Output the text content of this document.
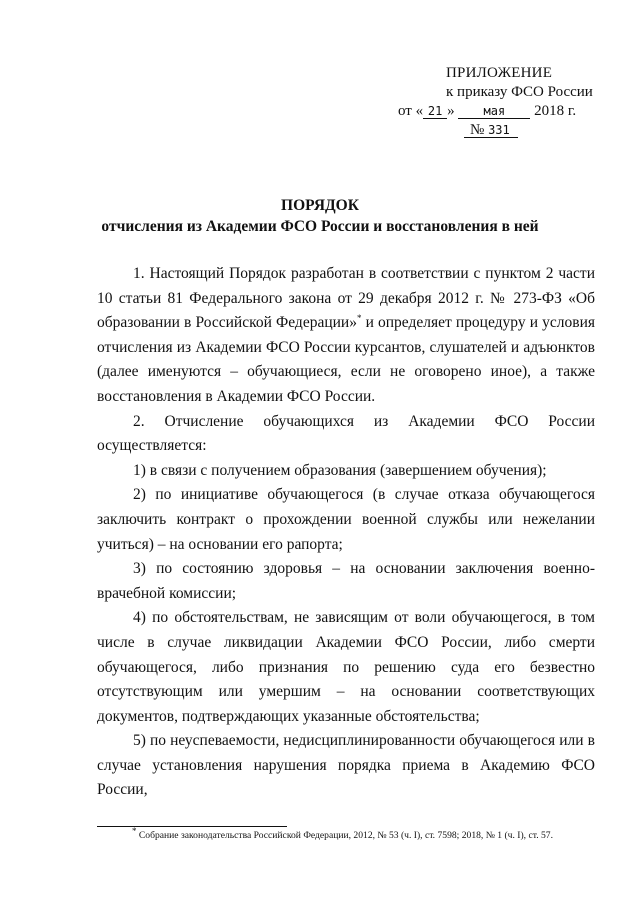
ПРИЛОЖЕНИЕ
к приказу ФСО России
от « 21 » мая 2018 г.
№ 331
ПОРЯДОК
отчисления из Академии ФСО России и восстановления в ней

1. Настоящий Порядок разработан в соответствии с пунктом 2 части 10 статьи 81 Федерального закона от 29 декабря 2012 г. № 273-ФЗ «Об образовании в Российской Федерации»* и определяет процедуру и условия отчисления из Академии ФСО России курсантов, слушателей и адъюнктов (далее именуются – обучающиеся, если не оговорено иное), а также восстановления в Академии ФСО России.

2. Отчисление обучающихся из Академии ФСО России осуществляется:

1) в связи с получением образования (завершением обучения);

2) по инициативе обучающегося (в случае отказа обучающегося заключить контракт о прохождении военной службы или нежелании учиться) – на основании его рапорта;

3) по состоянию здоровья – на основании заключения военно-врачебной комиссии;

4) по обстоятельствам, не зависящим от воли обучающегося, в том числе в случае ликвидации Академии ФСО России, либо смерти обучающегося, либо признания по решению суда его безвестно отсутствующим или умершим – на основании соответствующих документов, подтверждающих указанные обстоятельства;

5) по неуспеваемости, недисциплинированности обучающегося или в случае установления нарушения порядка приема в Академию ФСО России,

* Собрание законодательства Российской Федерации, 2012, № 53 (ч. I), ст. 7598; 2018, № 1 (ч. I), ст. 57.
